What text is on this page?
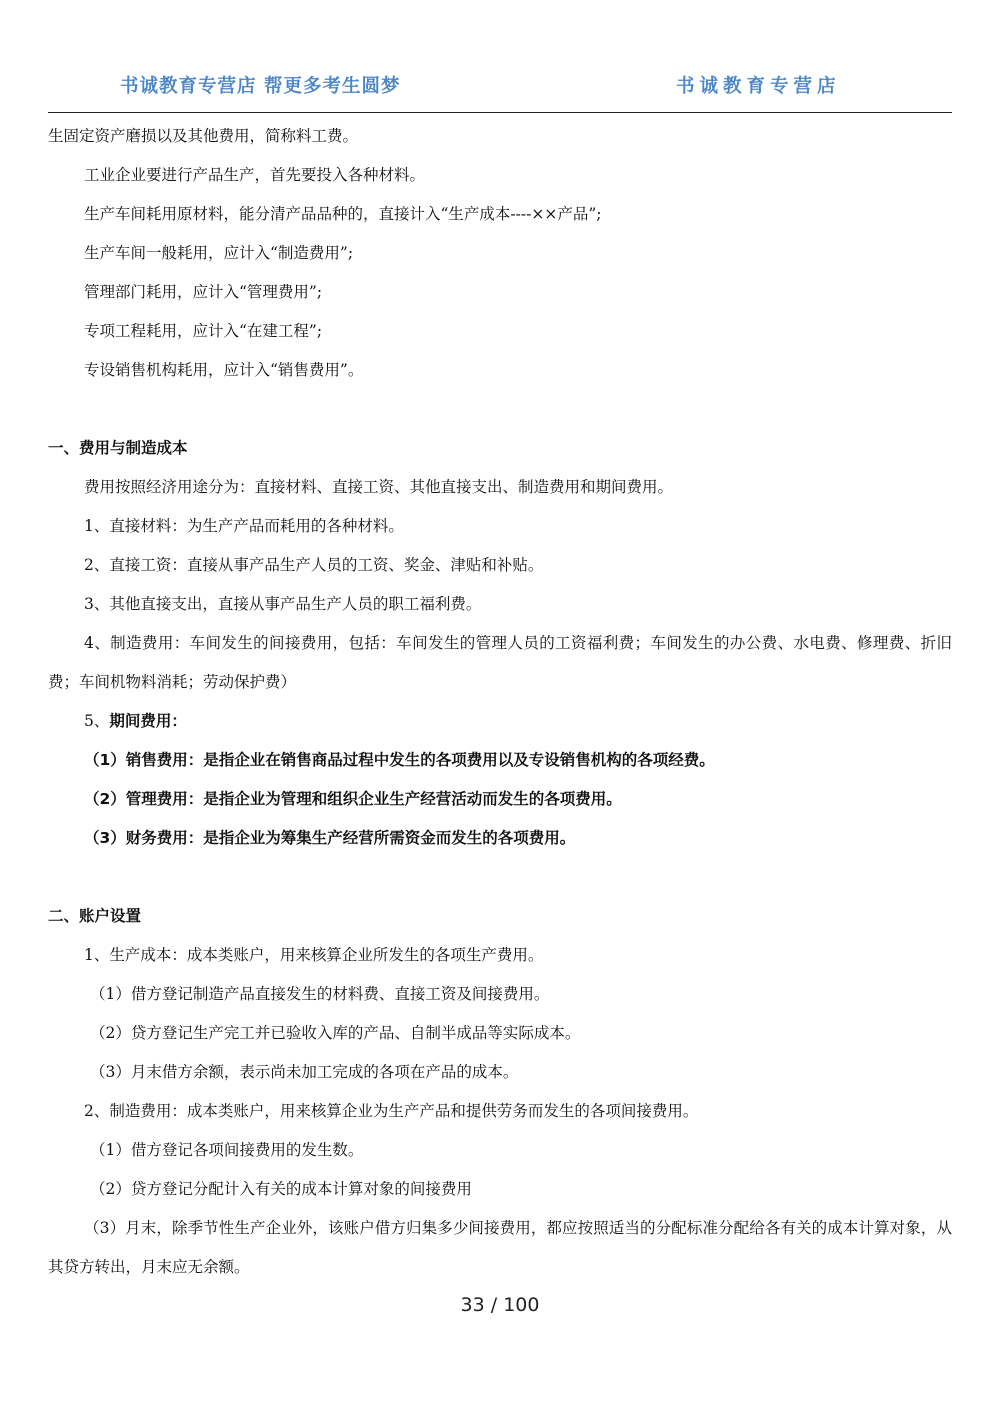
书诚教育专营店 帮更多考生圆梦	书诚教育专营店

生固定资产磨损以及其他费用，简称料工费。

工业企业要进行产品生产，首先要投入各种材料。

生产车间耗用原材料，能分清产品品种的，直接计入“生产成本----××产品”;

生产车间一般耗用，应计入“制造费用”;

管理部门耗用，应计入“管理费用”;

专项工程耗用，应计入“在建工程”;

专设销售机构耗用，应计入“销售费用”。

一、费用与制造成本

费用按照经济用途分为：直接材料、直接工资、其他直接支出、制造费用和期间费用。

1、直接材料：为生产产品而耗用的各种材料。

2、直接工资：直接从事产品生产人员的工资、奖金、津贴和补贴。

3、其他直接支出，直接从事产品生产人员的职工福利费。

4、制造费用：车间发生的间接费用，包括：车间发生的管理人员的工资福利费；车间发生的办公费、水电费、修理费、折旧费；车间机物料消耗；劳动保护费）

5、期间费用：

（1）销售费用：是指企业在销售商品过程中发生的各项费用以及专设销售机构的各项经费。

（2）管理费用：是指企业为管理和组织企业生产经营活动而发生的各项费用。

（3）财务费用：是指企业为筹集生产经营所需资金而发生的各项费用。

二、账户设置

1、生产成本：成本类账户，用来核算企业所发生的各项生产费用。

（1）借方登记制造产品直接发生的材料费、直接工资及间接费用。

（2）贷方登记生产完工并已验收入库的产品、自制半成品等实际成本。

（3）月末借方余额，表示尚未加工完成的各项在产品的成本。

2、制造费用：成本类账户，用来核算企业为生产产品和提供劳务而发生的各项间接费用。

（1）借方登记各项间接费用的发生数。

（2）贷方登记分配计入有关的成本计算对象的间接费用

（3）月末，除季节性生产企业外，该账户借方归集多少间接费用，都应按照适当的分配标准分配给各有关的成本计算对象，从其贷方转出，月末应无余额。

33 / 100
